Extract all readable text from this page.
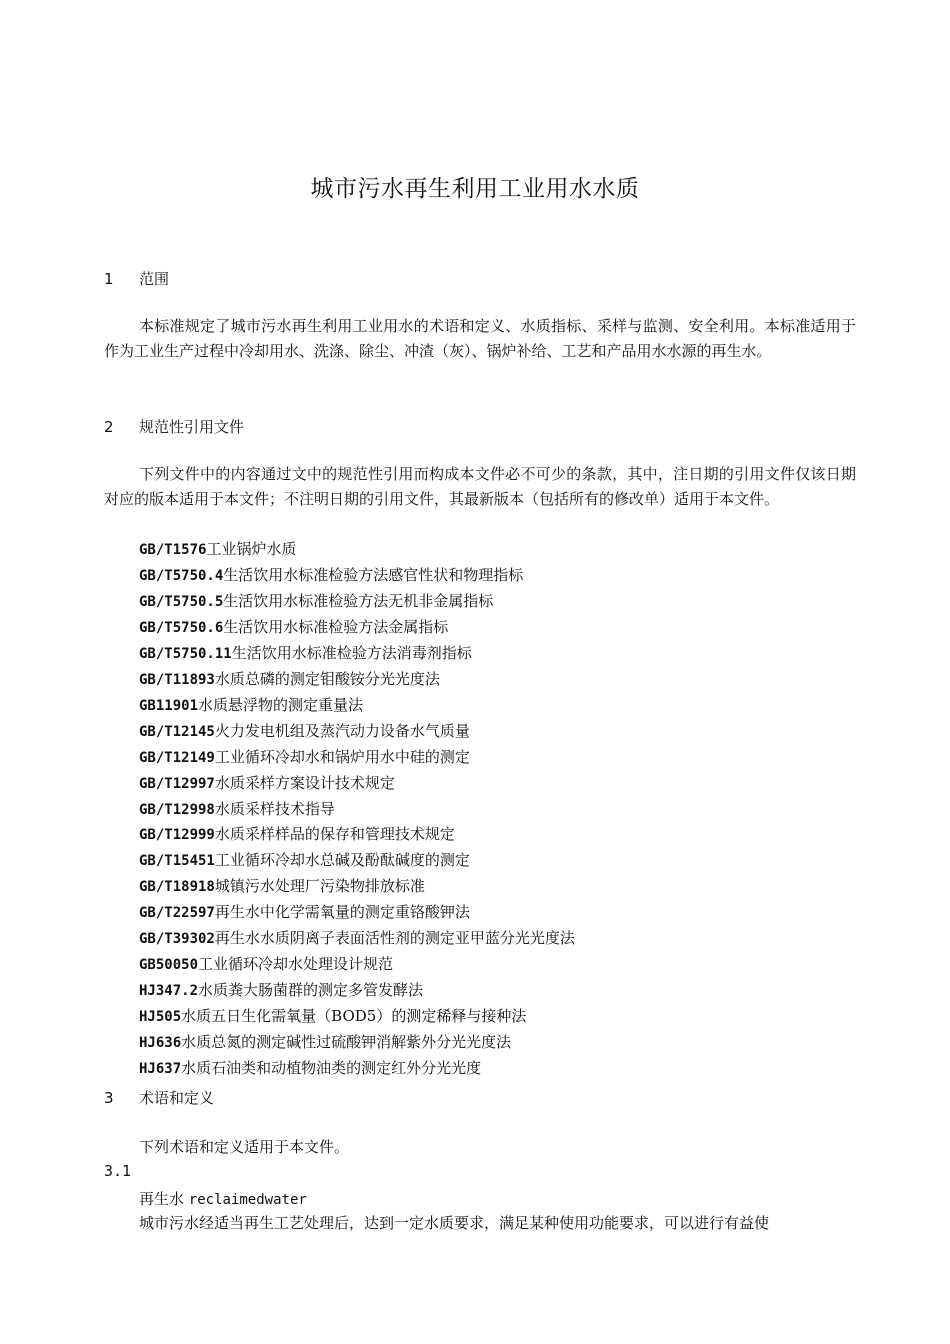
城市污水再生利用工业用水水质
1	范围

本标准规定了城市污水再生利用工业用水的术语和定义、水质指标、采样与监测、安全利用。本标准适用于作为工业生产过程中冷却用水、洗涤、除尘、冲渣（灰）、锅炉补给、工艺和产品用水水源的再生水。

2	规范性引用文件

下列文件中的内容通过文中的规范性引用而构成本文件必不可少的条款，其中，注日期的引用文件仅该日期对应的版本适用于本文件；不注明日期的引用文件，其最新版本（包括所有的修改单）适用于本文件。

GB/T1576工业锅炉水质
GB/T5750.4生活饮用水标准检验方法感官性状和物理指标
GB/T5750.5生活饮用水标准检验方法无机非金属指标
GB/T5750.6生活饮用水标准检验方法金属指标
GB/T5750.11生活饮用水标准检验方法消毒剂指标
GB/T11893水质总磷的测定钼酸铵分光光度法
GB11901水质悬浮物的测定重量法
GB/T12145火力发电机组及蒸汽动力设备水气质量
GB/T12149工业循环冷却水和锅炉用水中硅的测定
GB/T12997水质采样方案设计技术规定
GB/T12998水质采样技术指导
GB/T12999水质采样样品的保存和管理技术规定
GB/T15451工业循环冷却水总碱及酚酞碱度的测定
GB/T18918城镇污水处理厂污染物排放标准
GB/T22597再生水中化学需氧量的测定重铬酸钾法
GB/T39302再生水水质阴离子表面活性剂的测定亚甲蓝分光光度法
GB50050工业循环冷却水处理设计规范
HJ347.2水质粪大肠菌群的测定多管发酵法
HJ505水质五日生化需氧量（BOD5）的测定稀释与接种法
HJ636水质总氮的测定碱性过硫酸钾消解紫外分光光度法
HJ637水质石油类和动植物油类的测定红外分光光度
3	术语和定义

下列术语和定义适用于本文件。

3.1
再生水 reclaimedwater

城市污水经适当再生工艺处理后，达到一定水质要求，满足某种使用功能要求，可以进行有益使
